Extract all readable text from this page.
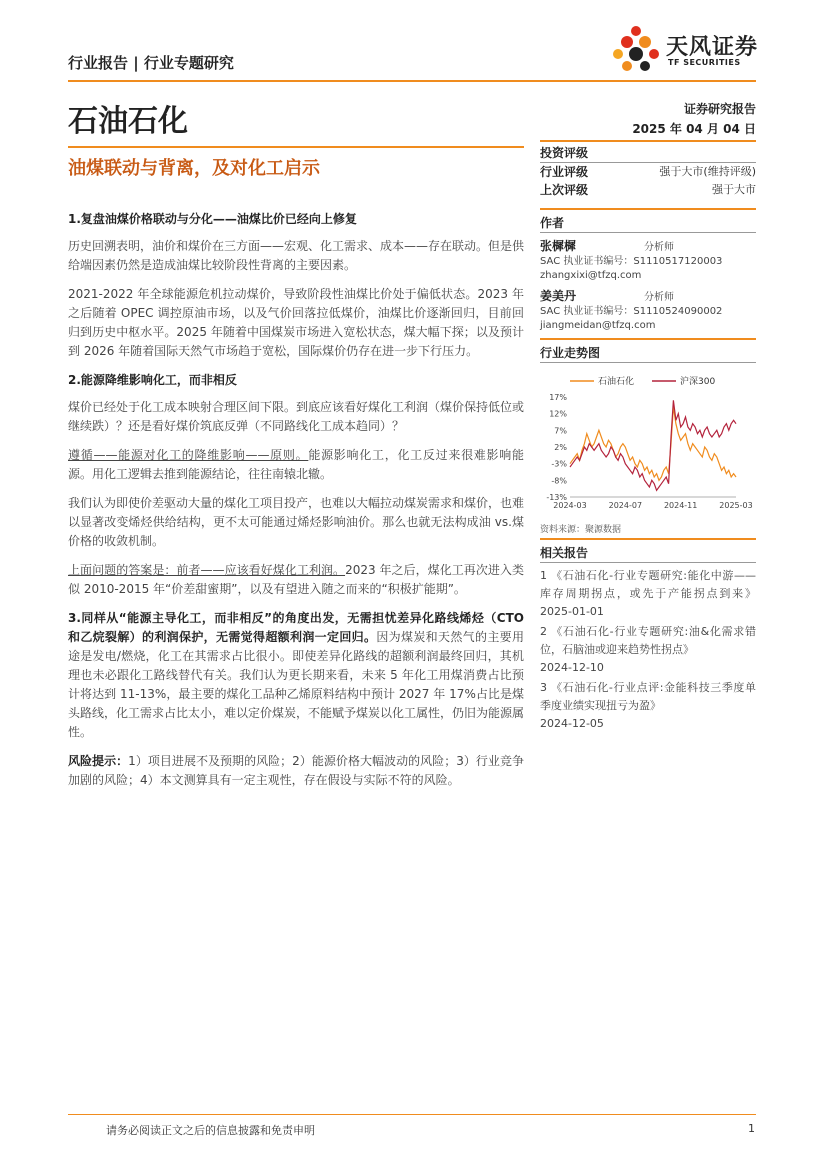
行业报告 | 行业专题研究
天风证券
TF SECURITIES
石油石化	证券研究报告
2025 年 04 月 04 日
油煤联动与背离，及对化工启示

1.复盘油煤价格联动与分化——油煤比价已经向上修复

历史回溯表明，油价和煤价在三方面——宏观、化工需求、成本——存在联动。但是供给端因素仍然是造成油煤比较阶段性背离的主要因素。

2021-2022 年全球能源危机拉动煤价，导致阶段性油煤比价处于偏低状态。2023 年之后随着 OPEC 调控原油市场，以及气价回落拉低煤价，油煤比价逐渐回归，目前回归到历史中枢水平。2025 年随着中国煤炭市场进入宽松状态，煤大幅下探；以及预计到 2026 年随着国际天然气市场趋于宽松，国际煤价仍存在进一步下行压力。

2.能源降维影响化工，而非相反

煤价已经处于化工成本映射合理区间下限。到底应该看好煤化工利润（煤价保持低位或继续跌）？还是看好煤价筑底反弹（不同路线化工成本趋同）？

遵循——能源对化工的降维影响——原则。能源影响化工，化工反过来很难影响能源。用化工逻辑去推到能源结论，往往南辕北辙。

我们认为即使价差驱动大量的煤化工项目投产，也难以大幅拉动煤炭需求和煤价，也难以显著改变烯烃供给结构，更不太可能通过烯烃影响油价。那么也就无法构成油 vs.煤价格的收敛机制。

上面问题的答案是：前者——应该看好煤化工利润。2023 年之后，煤化工再次进入类似 2010-2015 年“价差甜蜜期”，以及有望进入随之而来的“积极扩能期”。

3.同样从“能源主导化工，而非相反”的角度出发，无需担忧差异化路线烯烃（CTO 和乙烷裂解）的利润保护，无需觉得超额利润一定回归。因为煤炭和天然气的主要用途是发电/燃烧，化工在其需求占比很小。即使差异化路线的超额利润最终回归，其机理也未必跟化工路线替代有关。我们认为更长期来看，未来 5 年化工用煤消费占比预计将达到 11-13%，最主要的煤化工品种乙烯原料结构中预计 2027 年 17%占比是煤头路线，化工需求占比太小，难以定价煤炭，不能赋予煤炭以化工属性，仍旧为能源属性。

风险提示：1）项目进展不及预期的风险；2）能源价格大幅波动的风险；3）行业竞争加剧的风险；4）本文测算具有一定主观性，存在假设与实际不符的风险。

投资评级
行业评级	强于大市(维持评级)
上次评级	强于大市
作者
张樨樨	分析师
SAC 执业证书编号：S1110517120003
zhangxixi@tfzq.com
姜美丹	分析师
SAC 执业证书编号：S1110524090002
jiangmeidan@tfzq.com
行业走势图
石油石化	沪深300
17%
12%
7%
2%
-3%
-8%
-13%
2024-03	2024-07	2024-11	2025-03
资料来源：聚源数据
相关报告
1 《石油石化-行业专题研究:能化中游——库存周期拐点，或先于产能拐点到来》 2025-01-01
2 《石油石化-行业专题研究:油&化需求错位，石脑油或迎来趋势性拐点》
2024-12-10
3 《石油石化-行业点评:金能科技三季度单季度业绩实现扭亏为盈》
2024-12-05
请务必阅读正文之后的信息披露和免责申明	1
